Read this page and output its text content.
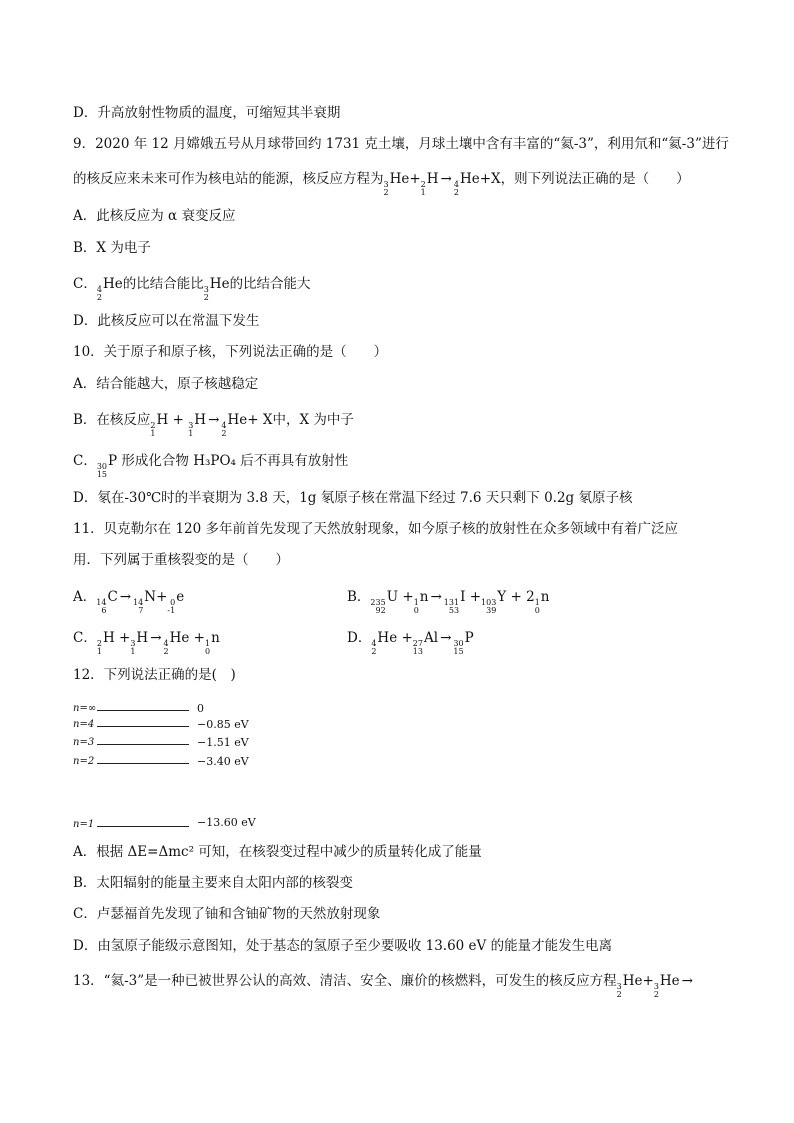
D．升高放射性物质的温度，可缩短其半衰期
9．2020 年 12 月嫦娥五号从月球带回约 1731 克土壤，月球土壤中含有丰富的“氦-3”，利用氘和“氦-3”进行
的核反应来未来可作为核电站的能源，核反应方程为 3
2
He+ 2
1
H → 4
2
He+X，则下列说法正确的是（　　）
A．此核反应为 α 衰变反应
B．X 为电子
C． 4
2
He的比结合能比 3
2
He的比结合能大
D．此核反应可以在常温下发生
10．关于原子和原子核，下列说法正确的是（　　）
A．结合能越大，原子核越稳定
B．在核反应 2
1
H + 3
1
H → 4
2
He+ X中，X 为中子
C． 30
15
P 形成化合物 H₃PO₄ 后不再具有放射性
D．氡在-30℃时的半衰期为 3.8 天，1g 氡原子核在常温下经过 7.6 天只剩下 0.2g 氡原子核
11．贝克勒尔在 120 多年前首先发现了天然放射现象，如今原子核的放射性在众多领域中有着广泛应
用．下列属于重核裂变的是（　　）
A． 14
6
C → 14
7
N+ 0
-1
e	B． 235
92
U + 1
0
n → 131
53
I + 103
39
Y + 2 1
0
n
C． 2
1
H + 3
1
H → 4
2
He + 1
0
n	D． 4
2
He + 27
13
Al → 30
15
P
12．下列说法正确的是(　)
n=∞	0
n=4	−0.85 eV
n=3	−1.51 eV
n=2	−3.40 eV
n=1	−13.60 eV
A．根据 ΔE=Δmc² 可知，在核裂变过程中减少的质量转化成了能量
B．太阳辐射的能量主要来自太阳内部的核裂变
C．卢瑟福首先发现了铀和含铀矿物的天然放射现象
D．由氢原子能级示意图知，处于基态的氢原子至少要吸收 13.60 eV 的能量才能发生电离
13．“氦-3”是一种已被世界公认的高效、清洁、安全、廉价的核燃料，可发生的核反应方程 3
2
He+ 3
2
He →
